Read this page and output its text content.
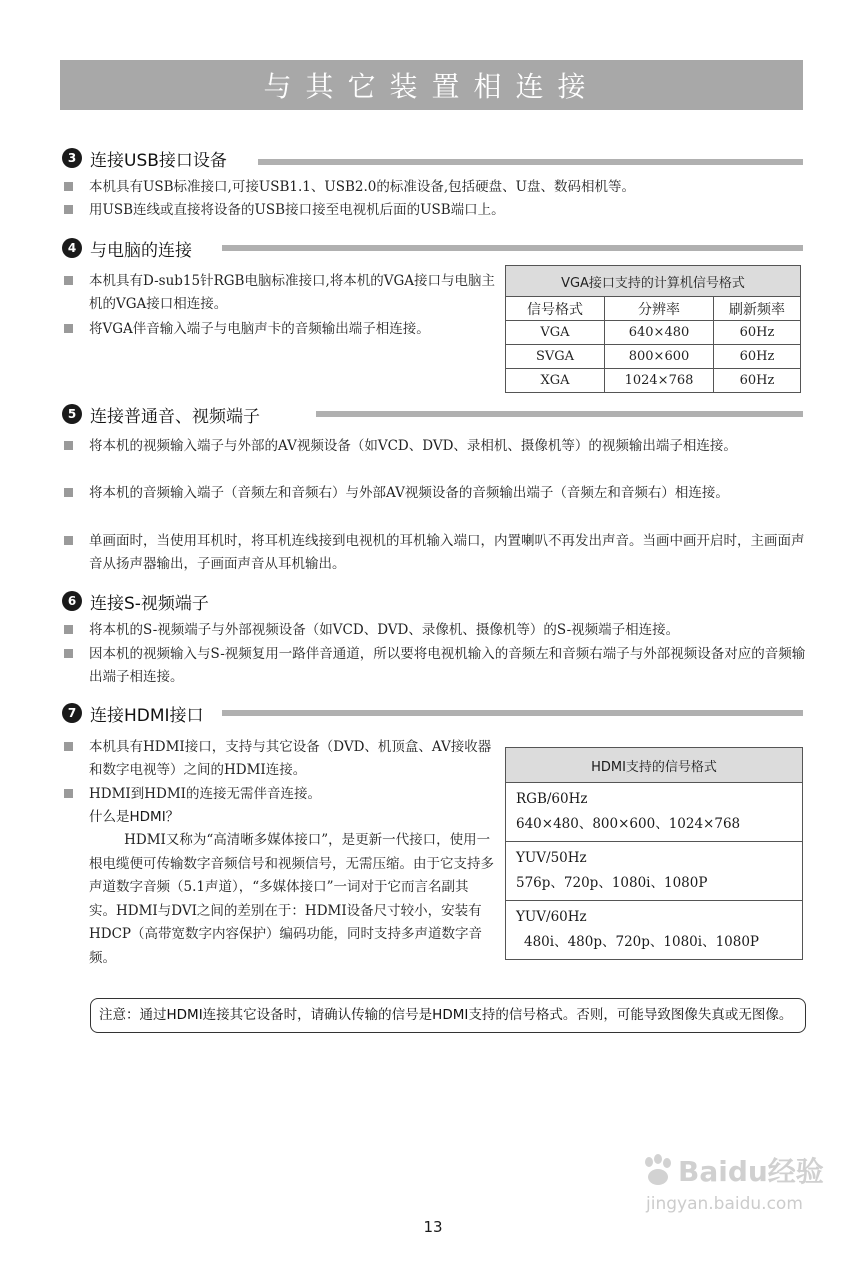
与其它装置相连接
3 连接USB接口设备
本机具有USB标准接口,可接USB1.1、USB2.0的标准设备,包括硬盘、U盘、数码相机等。
用USB连线或直接将设备的USB接口接至电视机后面的USB端口上。
4 与电脑的连接
本机具有D-sub15针RGB电脑标准接口,将本机的VGA接口与电脑主机的VGA接口相连接。
将VGA伴音输入端子与电脑声卡的音频输出端子相连接。
VGA接口支持的计算机信号格式		
信号格式	分辨率	刷新频率
VGA	640×480	60Hz
SVGA	800×600	60Hz
XGA	1024×768	60Hz
5 连接普通音、视频端子
将本机的视频输入端子与外部的AV视频设备（如VCD、DVD、录相机、摄像机等）的视频输出端子相连接。
将本机的音频输入端子（音频左和音频右）与外部AV视频设备的音频输出端子（音频左和音频右）相连接。
单画面时，当使用耳机时，将耳机连线接到电视机的耳机输入端口，内置喇叭不再发出声音。当画中画开启时，主画面声音从扬声器输出，子画面声音从耳机输出。
6 连接S-视频端子
将本机的S-视频端子与外部视频设备（如VCD、DVD、录像机、摄像机等）的S-视频端子相连接。
因本机的视频输入与S-视频复用一路伴音通道，所以要将电视机输入的音频左和音频右端子与外部视频设备对应的音频输出端子相连接。
7 连接HDMI接口
本机具有HDMI接口，支持与其它设备（DVD、机顶盒、AV接收器和数字电视等）之间的HDMI连接。
HDMI到HDMI的连接无需伴音连接。
什么是HDMI？
HDMI又称为“高清晰多媒体接口”，是更新一代接口，使用一根电缆便可传输数字音频信号和视频信号，无需压缩。由于它支持多声道数字音频（5.1声道），“多媒体接口”一词对于它而言名副其实。HDMI与DVI之间的差别在于：HDMI设备尺寸较小，安装有HDCP（高带宽数字内容保护）编码功能，同时支持多声道数字音频。
HDMI支持的信号格式
RGB/60Hz
640×480、800×600、1024×768
YUV/50Hz
576p、720p、1080i、1080P
YUV/60Hz
480i、480p、720p、1080i、1080P
注意：通过HDMI连接其它设备时，请确认传输的信号是HDMI支持的信号格式。否则，可能导致图像失真或无图像。
Baidu经验
jingyan.baidu.com
13
